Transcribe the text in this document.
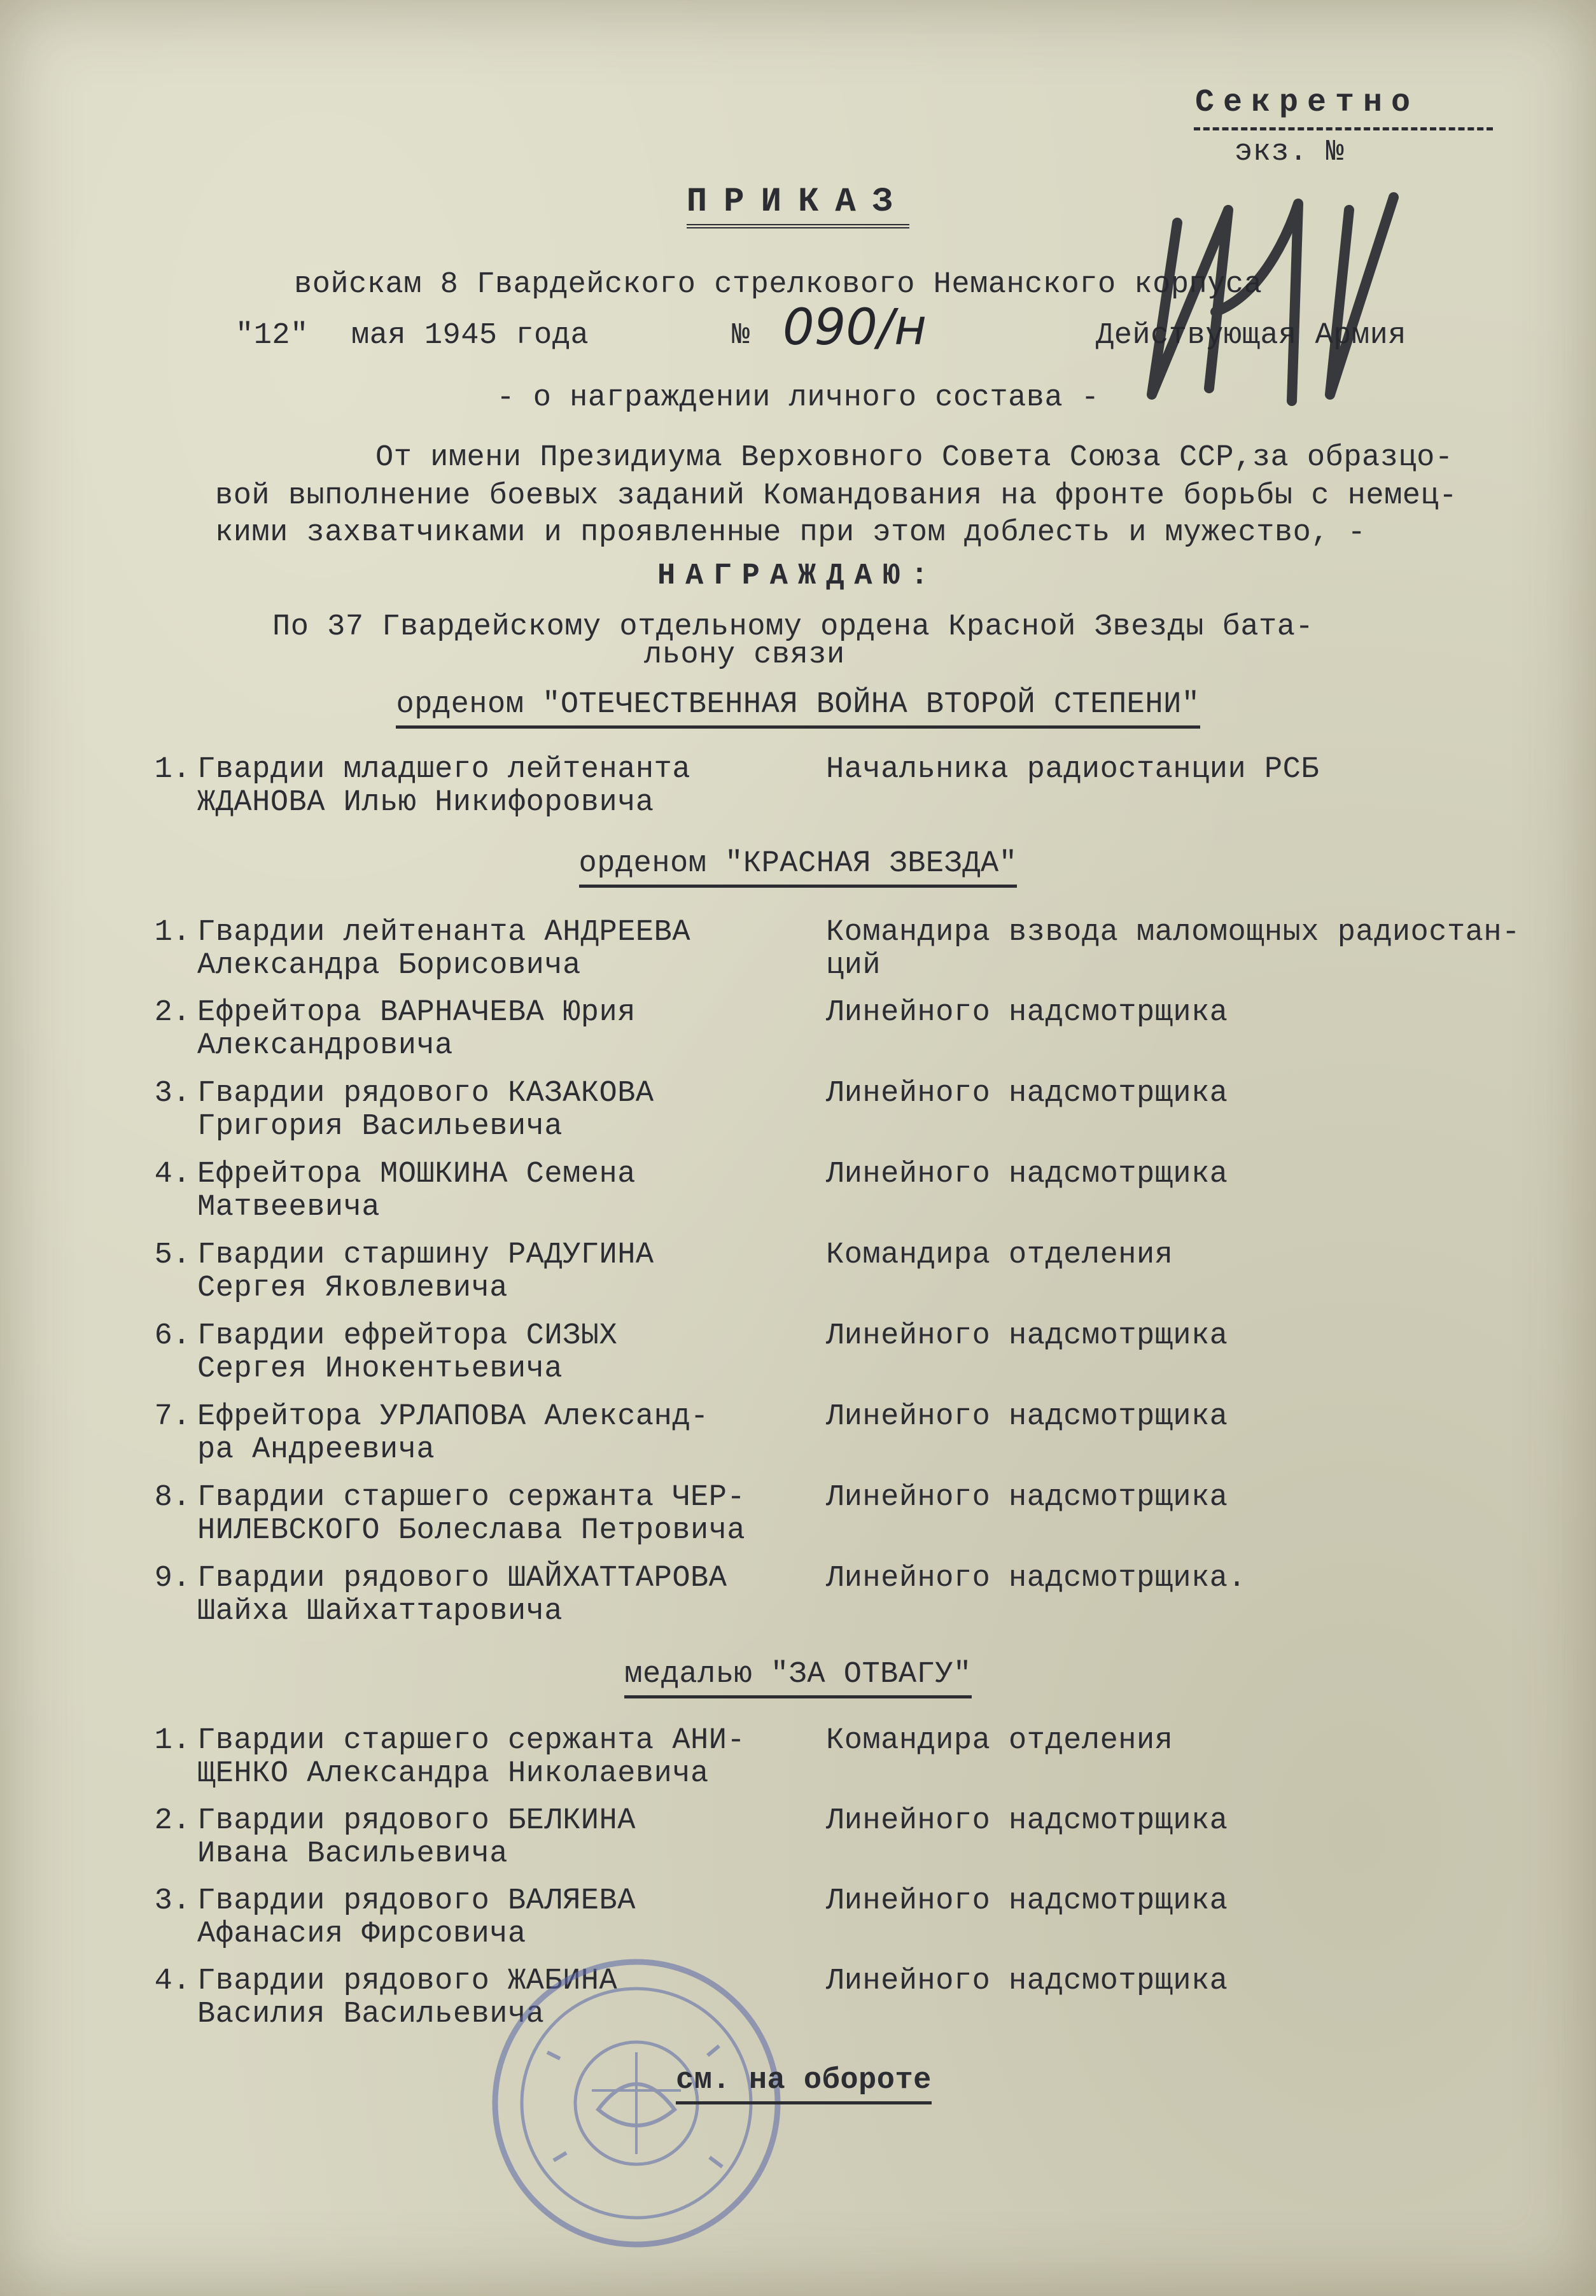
Секретно
экз. №
ПРИКАЗ
войскам 8 Гвардейского стрелкового Неманского корпуса
"12" мая 1945 года	№ 090/н	Действующая Армия
- о награждении личного состава -
От имени Президиума Верховного Совета Союза ССР,за образцо-
вой выполнение боевых заданий Командования на фронте борьбы с немец-
кими захватчиками и проявленные при этом доблесть и мужество, -
НАГРАЖДАЮ:
По 37 Гвардейскому отдельному ордена Красной Звезды бата-
льону связи
орденом "ОТЕЧЕСТВЕННАЯ ВОЙНА ВТОРОЙ СТЕПЕНИ"
1. Гвардии младшего лейтенанта
ЖДАНОВА Илью Никифоровича
Начальника радиостанции РСБ
орденом "КРАСНАЯ ЗВЕЗДА"
1. Гвардии лейтенанта АНДРЕЕВА
Александра Борисовича
Командира взвода маломощных радиостан-
ций
2. Ефрейтора ВАРНАЧЕВА Юрия
Александровича
Линейного надсмотрщика
3. Гвардии рядового КАЗАКОВА
Григория Васильевича
Линейного надсмотрщика
4. Ефрейтора МОШКИНА Семена
Матвеевича
Линейного надсмотрщика
5. Гвардии старшину РАДУГИНА
Сергея Яковлевича
Командира отделения
6. Гвардии ефрейтора СИЗЫХ
Сергея Инокентьевича
Линейного надсмотрщика
7. Ефрейтора УРЛАПОВА Александ-
ра Андреевича
Линейного надсмотрщика
8. Гвардии старшего сержанта ЧЕР-
НИЛЕВСКОГО Болеслава Петровича
Линейного надсмотрщика
9. Гвардии рядового ШАЙХАТТАРОВА
Шайха Шайхаттаровича
Линейного надсмотрщика.
медалью "ЗА ОТВАГУ"
1. Гвардии старшего сержанта АНИ-
ЩЕНКО Александра Николаевича
Командира отделения
2. Гвардии рядового БЕЛКИНА
Ивана Васильевича
Линейного надсмотрщика
3. Гвардии рядового ВАЛЯЕВА
Афанасия Фирсовича
Линейного надсмотрщика
4. Гвардии рядового ЖАБИНА
Василия Васильевича
Линейного надсмотрщика
см. на обороте
